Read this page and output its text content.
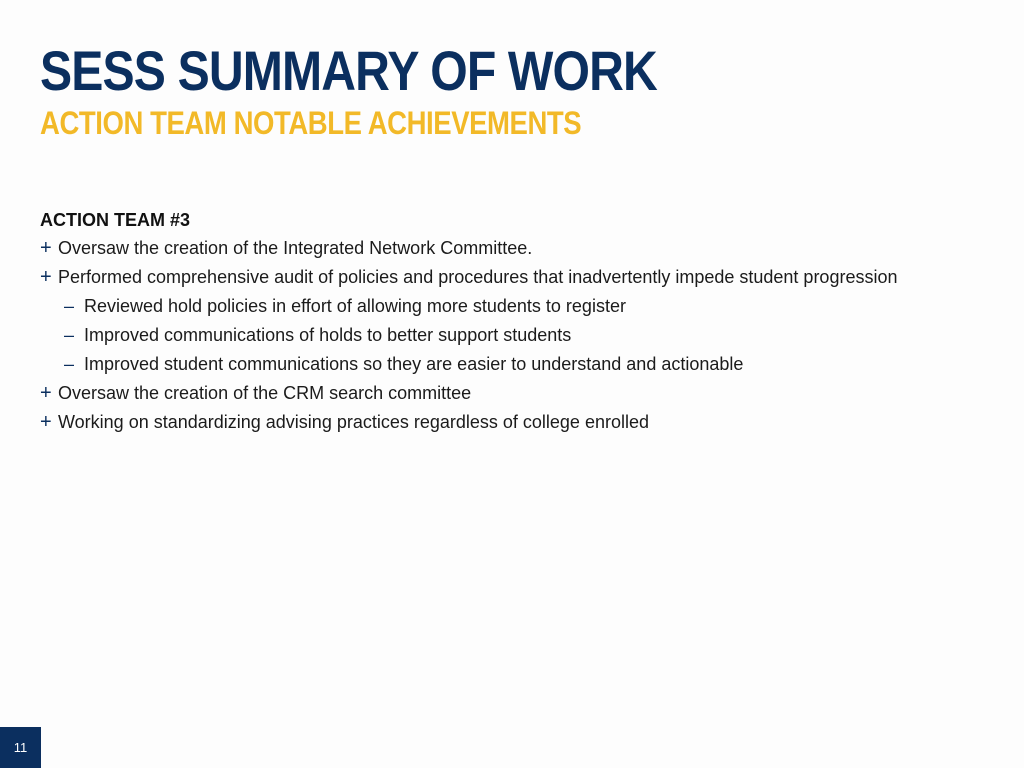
SESS SUMMARY OF WORK
ACTION TEAM NOTABLE ACHIEVEMENTS
ACTION TEAM #3
+ Oversaw the creation of the Integrated Network Committee.
+ Performed comprehensive audit of policies and procedures that inadvertently impede student progression
– Reviewed hold policies in effort of allowing more students to register
– Improved communications of holds to better support students
– Improved student communications so they are easier to understand and actionable
+ Oversaw the creation of the CRM search committee
+ Working on standardizing advising practices regardless of college enrolled
11
